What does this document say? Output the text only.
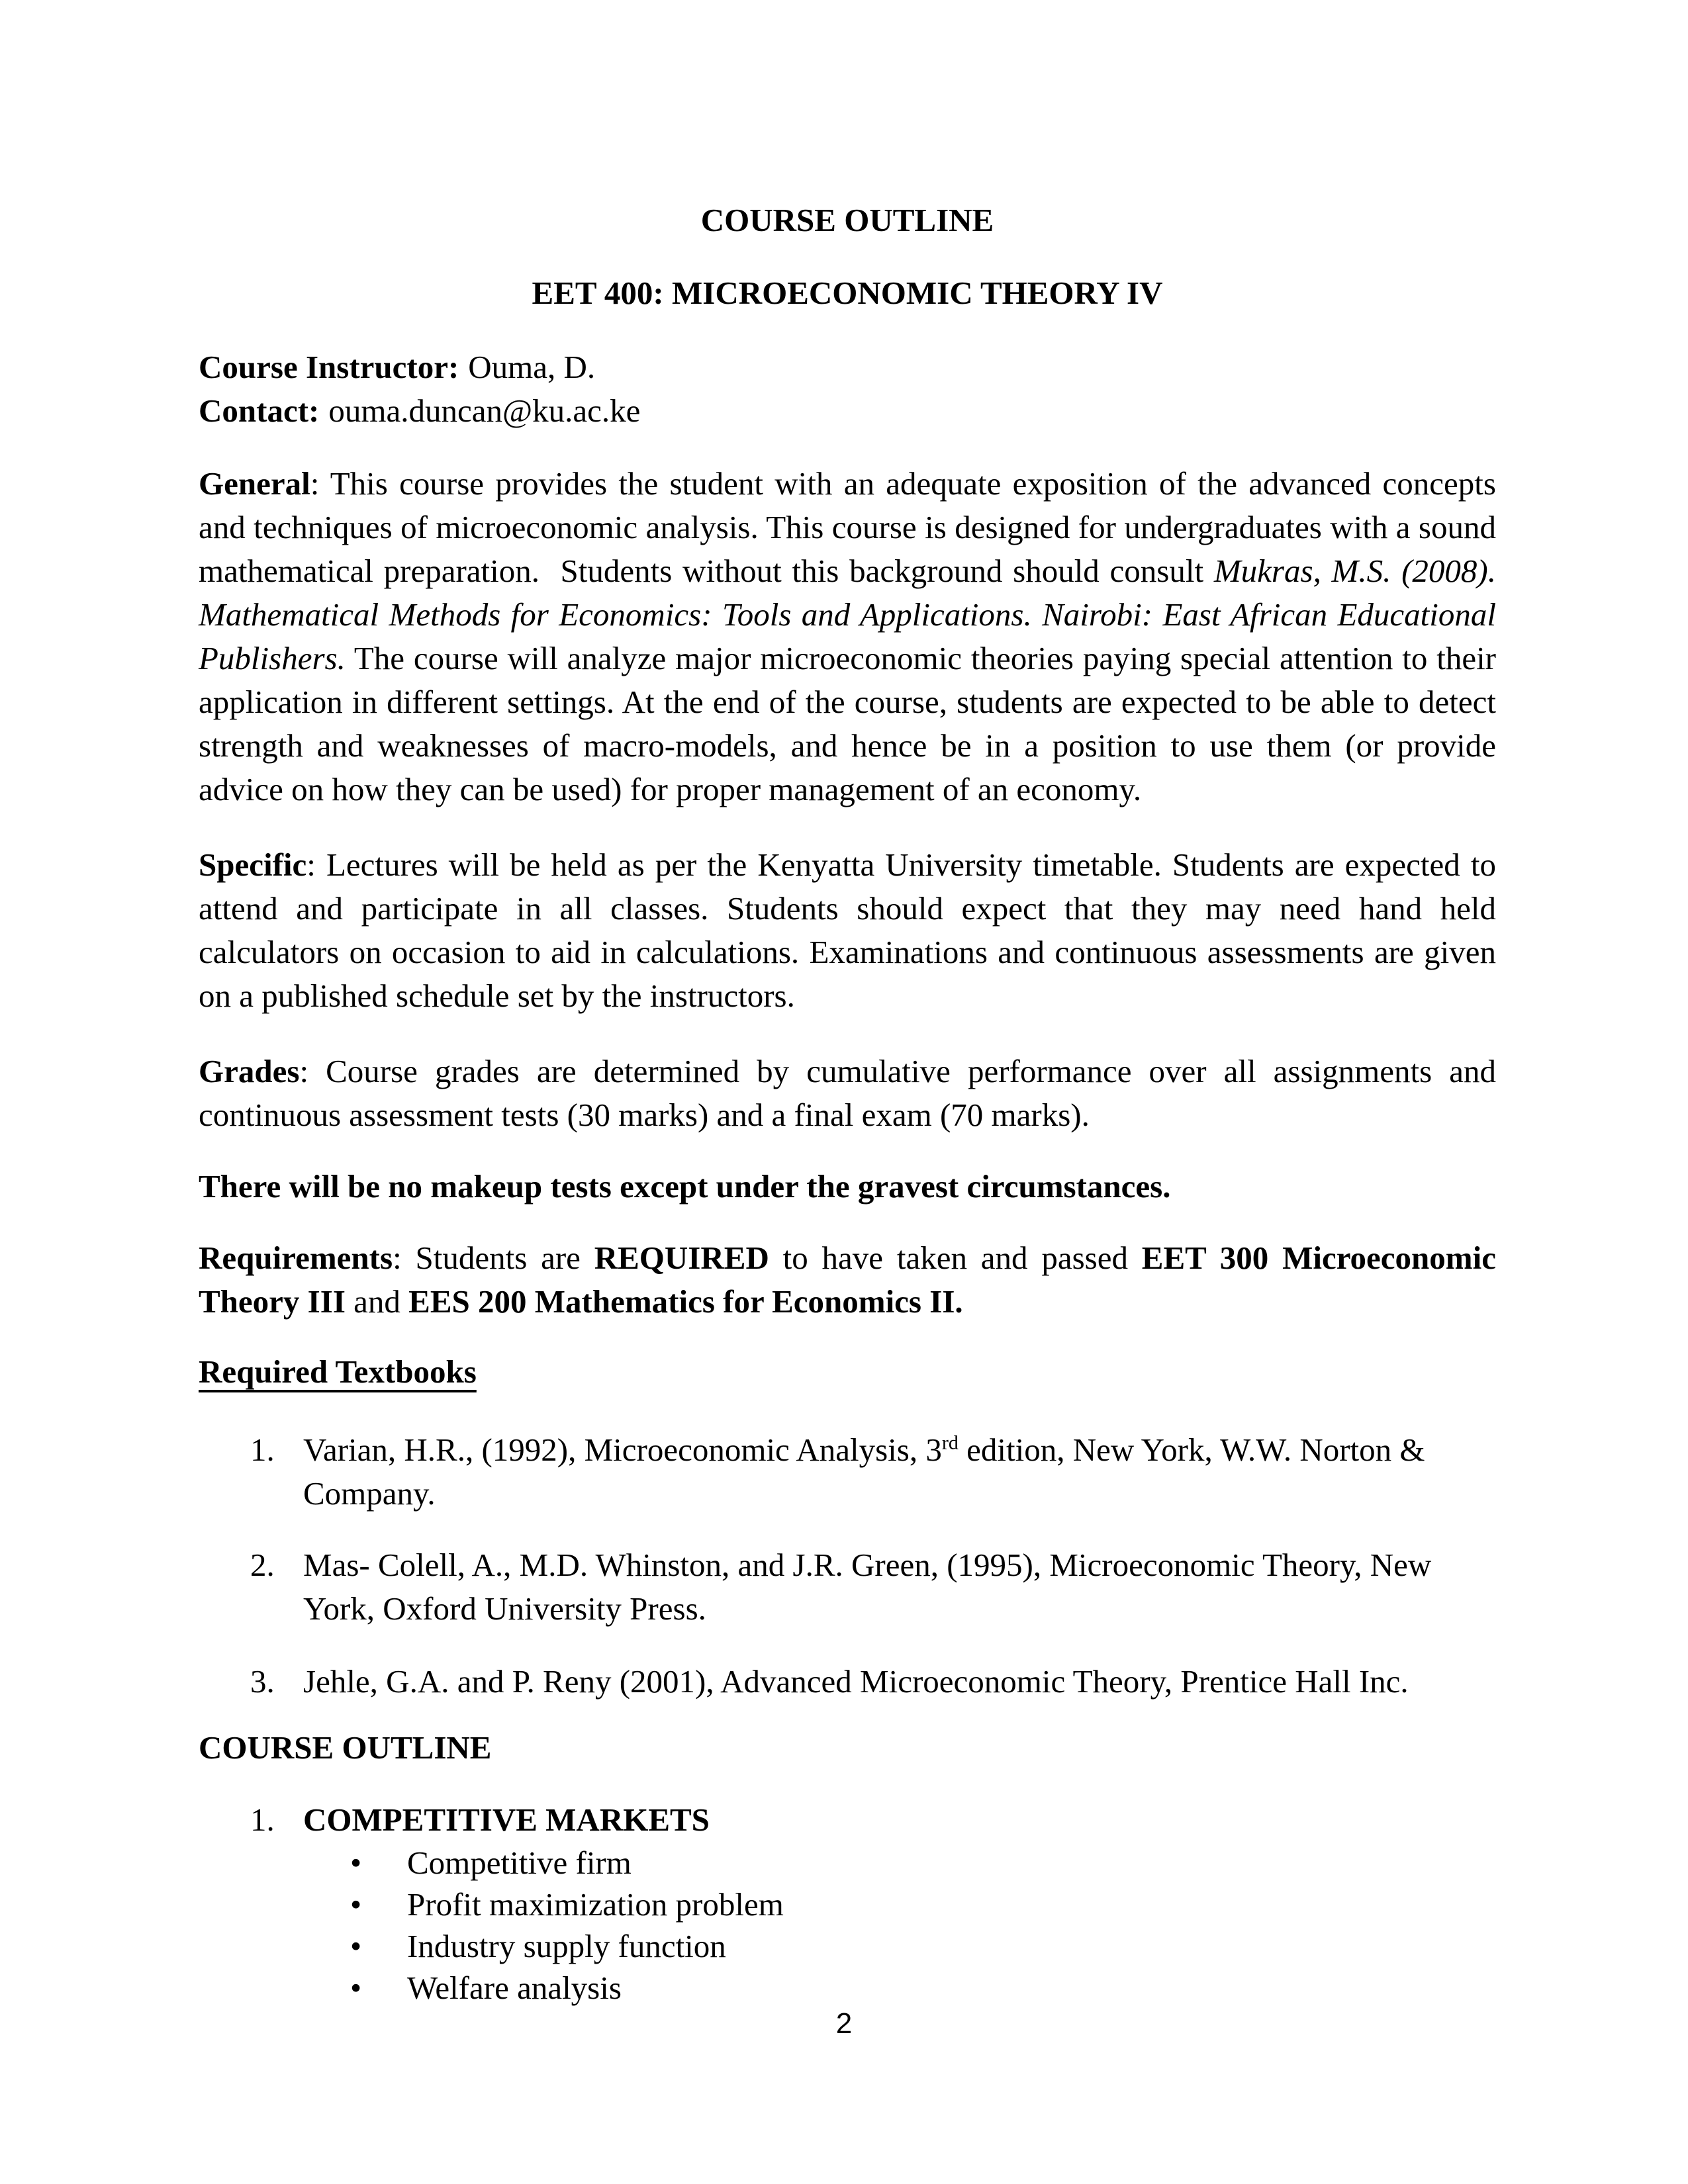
COURSE OUTLINE
EET 400: MICROECONOMIC THEORY IV

Course Instructor: Ouma, D.

Contact: ouma.duncan@ku.ac.ke

General: This course provides the student with an adequate exposition of the advanced concepts and techniques of microeconomic analysis. This course is designed for undergraduates with a sound mathematical preparation.  Students without this background should consult Mukras, M.S. (2008). Mathematical Methods for Economics: Tools and Applications. Nairobi: East African Educational Publishers. The course will analyze major microeconomic theories paying special attention to their application in different settings. At the end of the course, students are expected to be able to detect strength and weaknesses of macro-models, and hence be in a position to use them (or provide advice on how they can be used) for proper management of an economy.

Specific: Lectures will be held as per the Kenyatta University timetable. Students are expected to attend and participate in all classes. Students should expect that they may need hand held calculators on occasion to aid in calculations. Examinations and continuous assessments are given on a published schedule set by the instructors.

Grades: Course grades are determined by cumulative performance over all assignments and continuous assessment tests (30 marks) and a final exam (70 marks).

There will be no makeup tests except under the gravest circumstances.

Requirements: Students are REQUIRED to have taken and passed EET 300 Microeconomic Theory III and EES 200 Mathematics for Economics II.

Required Textbooks
1. Varian, H.R., (1992), Microeconomic Analysis, 3rd edition, New York, W.W. Norton & Company.
2. Mas- Colell, A., M.D. Whinston, and J.R. Green, (1995), Microeconomic Theory, New York, Oxford University Press.
3. Jehle, G.A. and P. Reny (2001), Advanced Microeconomic Theory, Prentice Hall Inc.
COURSE OUTLINE
1. COMPETITIVE MARKETS
•	Competitive firm
•	Profit maximization problem
•	Industry supply function
•	Welfare analysis
2
